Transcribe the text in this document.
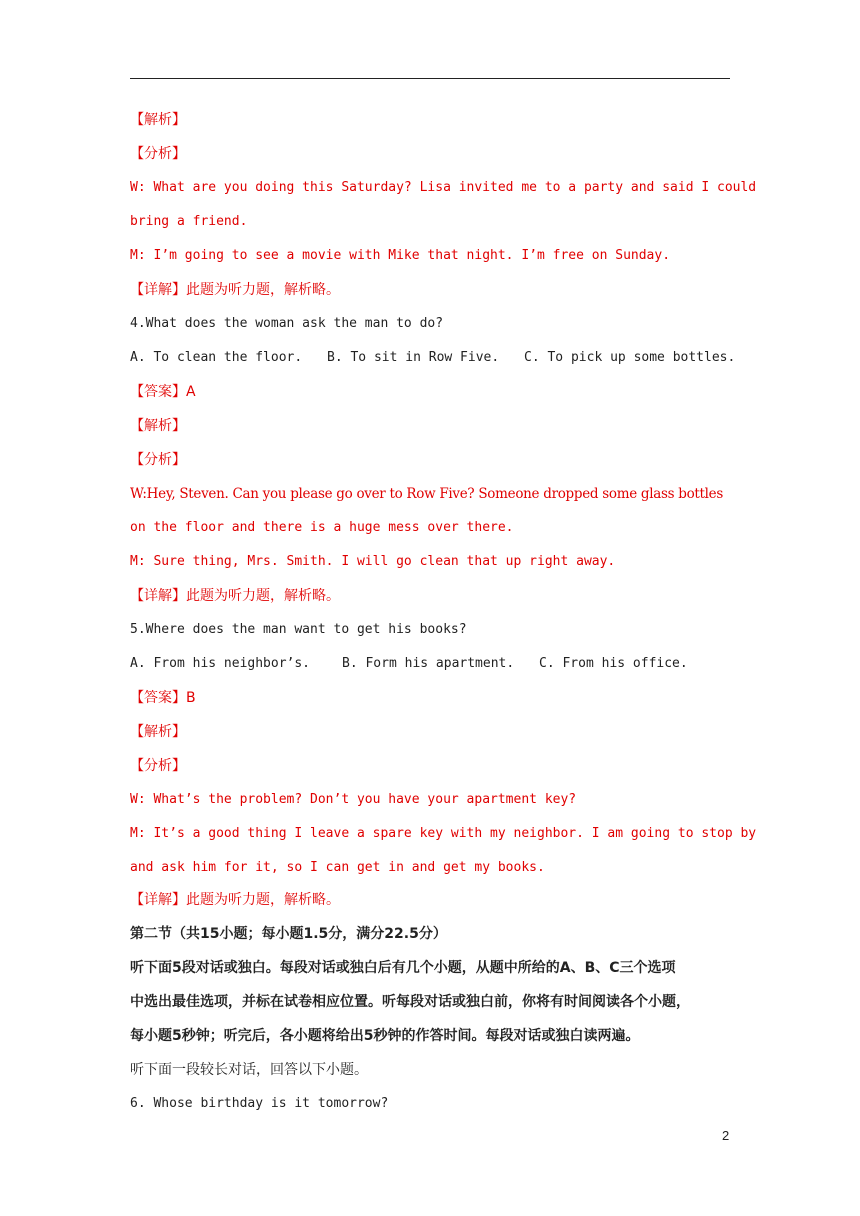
【解析】
【分析】
W: What are you doing this Saturday? Lisa invited me to a party and said I could
bring a friend.
M: I’m going to see a movie with Mike that night. I’m free on Sunday.
【详解】此题为听力题，解析略。
4.What does the woman ask the man to do?
A. To clean the floor. B. To sit in Row Five. C. To pick up some bottles.
【答案】A
【解析】
【分析】
W:Hey, Steven. Can you please go over to Row Five? Someone dropped some glass bottles
on the floor and there is a huge mess over there.
M: Sure thing, Mrs. Smith. I will go clean that up right away.
【详解】此题为听力题，解析略。
5.Where does the man want to get his books?
A. From his neighbor’s. B. Form his apartment. C. From his office.
【答案】B
【解析】
【分析】
W: What’s the problem? Don’t you have your apartment key?
M: It’s a good thing I leave a spare key with my neighbor. I am going to stop by
and ask him for it, so I can get in and get my books.
【详解】此题为听力题，解析略。
第二节（共15小题；每小题1.5分，满分22.5分）
听下面5段对话或独白。每段对话或独白后有几个小题，从题中所给的A、B、C三个选项
中选出最佳选项，并标在试卷相应位置。听每段对话或独白前，你将有时间阅读各个小题，
每小题5秒钟；听完后，各小题将给出5秒钟的作答时间。每段对话或独白读两遍。
听下面一段较长对话，回答以下小题。
6. Whose birthday is it tomorrow?
2
